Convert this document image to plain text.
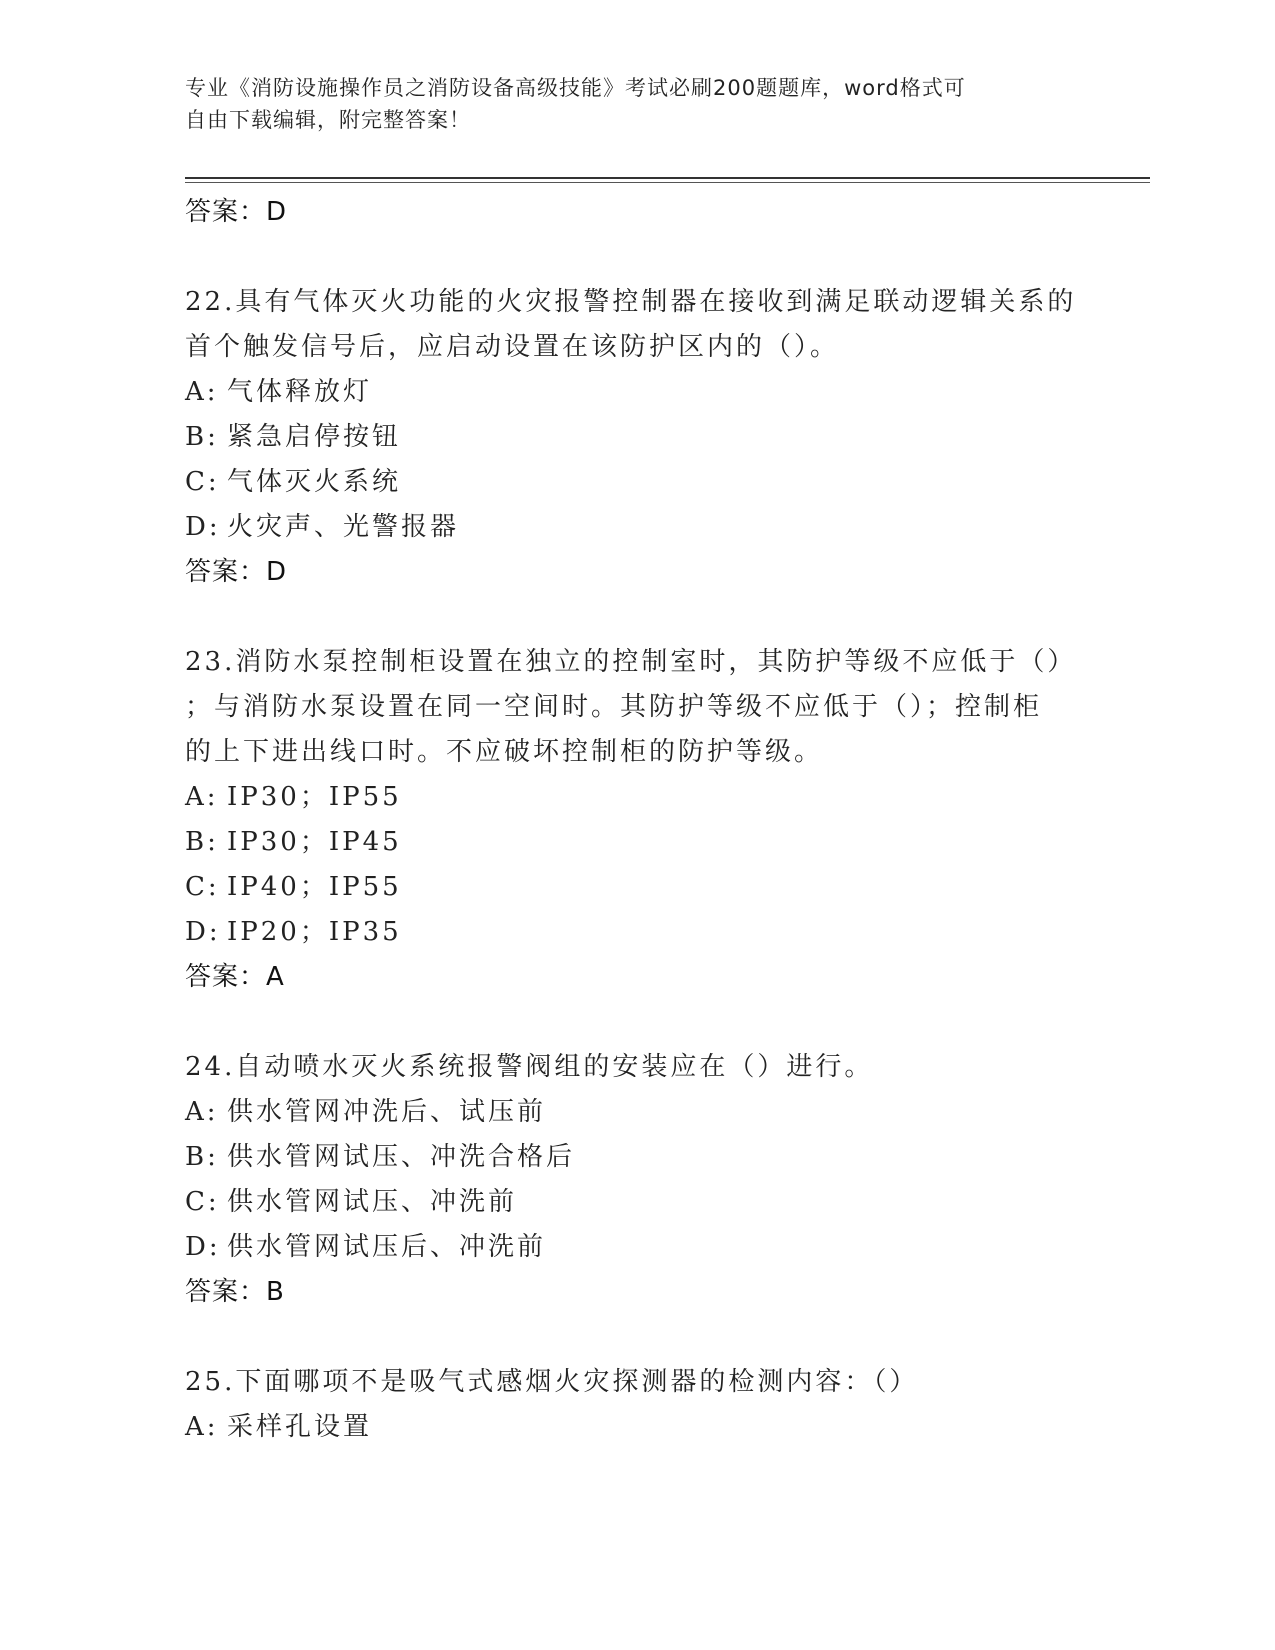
专业《消防设施操作员之消防设备高级技能》考试必刷200题题库，word格式可
自由下载编辑，附完整答案！
答案：D
22.具有气体灭火功能的火灾报警控制器在接收到满足联动逻辑关系的
首个触发信号后，应启动设置在该防护区内的（）。
A: 气体释放灯
B: 紧急启停按钮
C: 气体灭火系统
D: 火灾声、光警报器
答案：D
23.消防水泵控制柜设置在独立的控制室时，其防护等级不应低于（）
；与消防水泵设置在同一空间时。其防护等级不应低于（）；控制柜
的上下进出线口时。不应破坏控制柜的防护等级。
A: IP30；IP55
B: IP30；IP45
C: IP40；IP55
D: IP20；IP35
答案：A
24.自动喷水灭火系统报警阀组的安装应在（）进行。
A: 供水管网冲洗后、试压前
B: 供水管网试压、冲洗合格后
C: 供水管网试压、冲洗前
D: 供水管网试压后、冲洗前
答案：B
25.下面哪项不是吸气式感烟火灾探测器的检测内容：（）
A: 采样孔设置
